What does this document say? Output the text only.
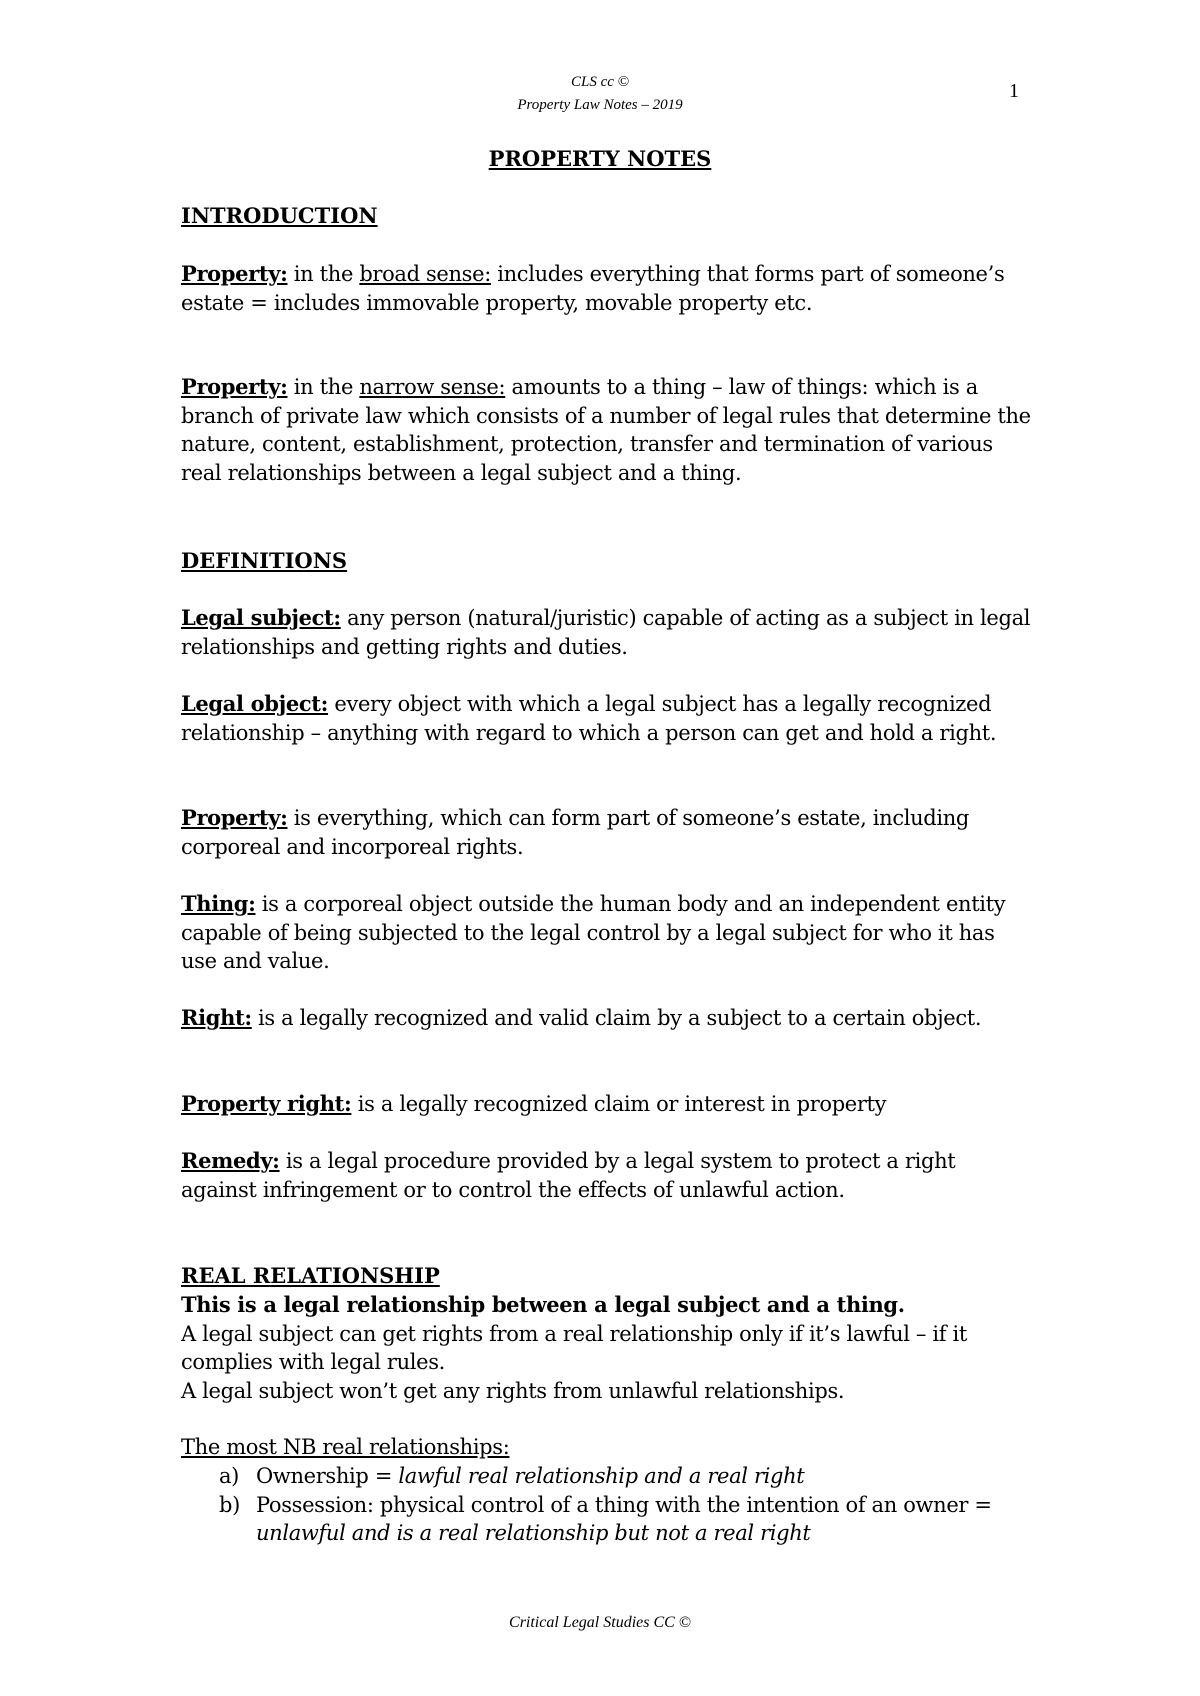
CLS cc ©
Property Law Notes – 2019
1
PROPERTY NOTES
INTRODUCTION
Property: in the broad sense: includes everything that forms part of someone’s estate = includes immovable property, movable property etc.
Property: in the narrow sense: amounts to a thing – law of things: which is a branch of private law which consists of a number of legal rules that determine the nature, content, establishment, protection, transfer and termination of various real relationships between a legal subject and a thing.
DEFINITIONS
Legal subject: any person (natural/juristic) capable of acting as a subject in legal relationships and getting rights and duties.
Legal object: every object with which a legal subject has a legally recognized relationship – anything with regard to which a person can get and hold a right.
Property: is everything, which can form part of someone’s estate, including corporeal and incorporeal rights.
Thing: is a corporeal object outside the human body and an independent entity capable of being subjected to the legal control by a legal subject for who it has use and value.
Right: is a legally recognized and valid claim by a subject to a certain object.
Property right: is a legally recognized claim or interest in property
Remedy: is a legal procedure provided by a legal system to protect a right against infringement or to control the effects of unlawful action.
REAL RELATIONSHIP
This is a legal relationship between a legal subject and a thing.
A legal subject can get rights from a real relationship only if it’s lawful – if it complies with legal rules.
A legal subject won’t get any rights from unlawful relationships.
The most NB real relationships:
a) Ownership = lawful real relationship and a real right
b) Possession: physical control of a thing with the intention of an owner = unlawful and is a real relationship but not a real right
Critical Legal Studies CC ©
